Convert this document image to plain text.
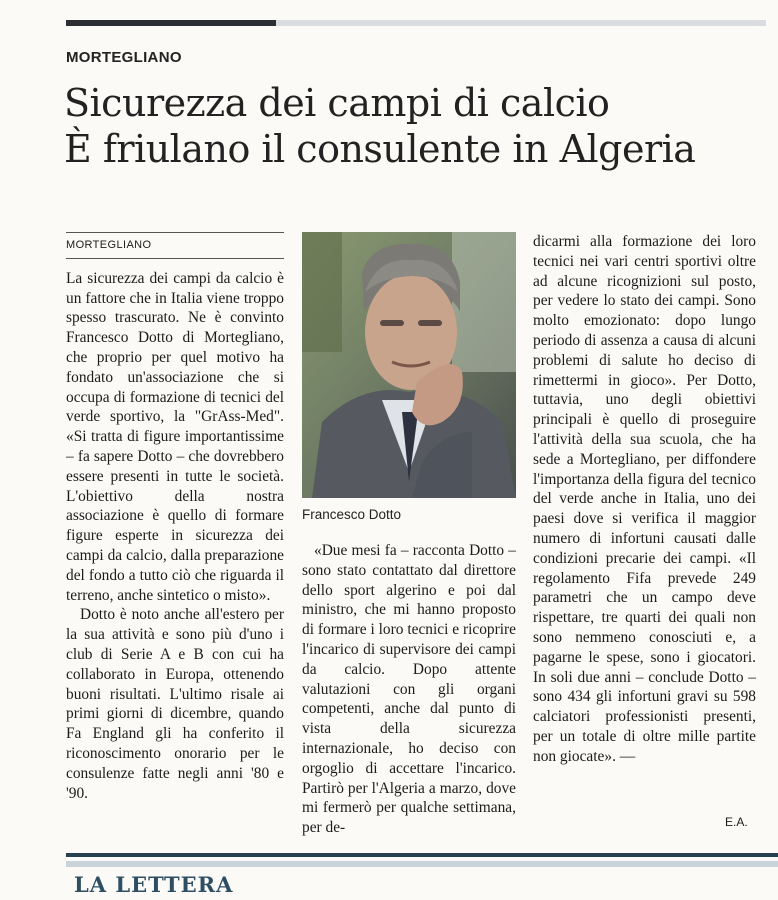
MORTEGLIANO
Sicurezza dei campi di calcio
È friulano il consulente in Algeria
MORTEGLIANO

La sicurezza dei campi da calcio è un fattore che in Italia viene troppo spesso trascurato. Ne è convinto Francesco Dotto di Mortegliano, che proprio per quel motivo ha fondato un'associazione che si occupa di formazione di tecnici del verde sportivo, la "GrAss-Med". «Si tratta di figure importantissime – fa sapere Dotto – che dovrebbero essere presenti in tutte le società. L'obiettivo della nostra associazione è quello di formare figure esperte in sicurezza dei campi da calcio, dalla preparazione del fondo a tutto ciò che riguarda il terreno, anche sintetico o misto».

Dotto è noto anche all'estero per la sua attività e sono più d'uno i club di Serie A e B con cui ha collaborato in Europa, ottenendo buoni risultati. L'ultimo risale ai primi giorni di dicembre, quando Fa England gli ha conferito il riconoscimento onorario per le consulenze fatte negli anni '80 e '90.

Francesco Dotto

«Due mesi fa – racconta Dotto – sono stato contattato dal direttore dello sport algerino e poi dal ministro, che mi hanno proposto di formare i loro tecnici e ricoprire l'incarico di supervisore dei campi da calcio. Dopo attente valutazioni con gli organi competenti, anche dal punto di vista della sicurezza internazionale, ho deciso con orgoglio di accettare l'incarico. Partirò per l'Algeria a marzo, dove mi fermerò per qualche settimana, per de-

dicarmi alla formazione dei loro tecnici nei vari centri sportivi oltre ad alcune ricognizioni sul posto, per vedere lo stato dei campi. Sono molto emozionato: dopo lungo periodo di assenza a causa di alcuni problemi di salute ho deciso di rimettermi in gioco». Per Dotto, tuttavia, uno degli obiettivi principali è quello di proseguire l'attività della sua scuola, che ha sede a Mortegliano, per diffondere l'importanza della figura del tecnico del verde anche in Italia, uno dei paesi dove si verifica il maggior numero di infortuni causati dalle condizioni precarie dei campi. «Il regolamento Fifa prevede 249 parametri che un campo deve rispettare, tre quarti dei quali non sono nemmeno conosciuti e, a pagarne le spese, sono i giocatori. In soli due anni – conclude Dotto – sono 434 gli infortuni gravi su 598 calciatori professionisti presenti, per un totale di oltre mille partite non giocate». —

E.A.
LA LETTERA
